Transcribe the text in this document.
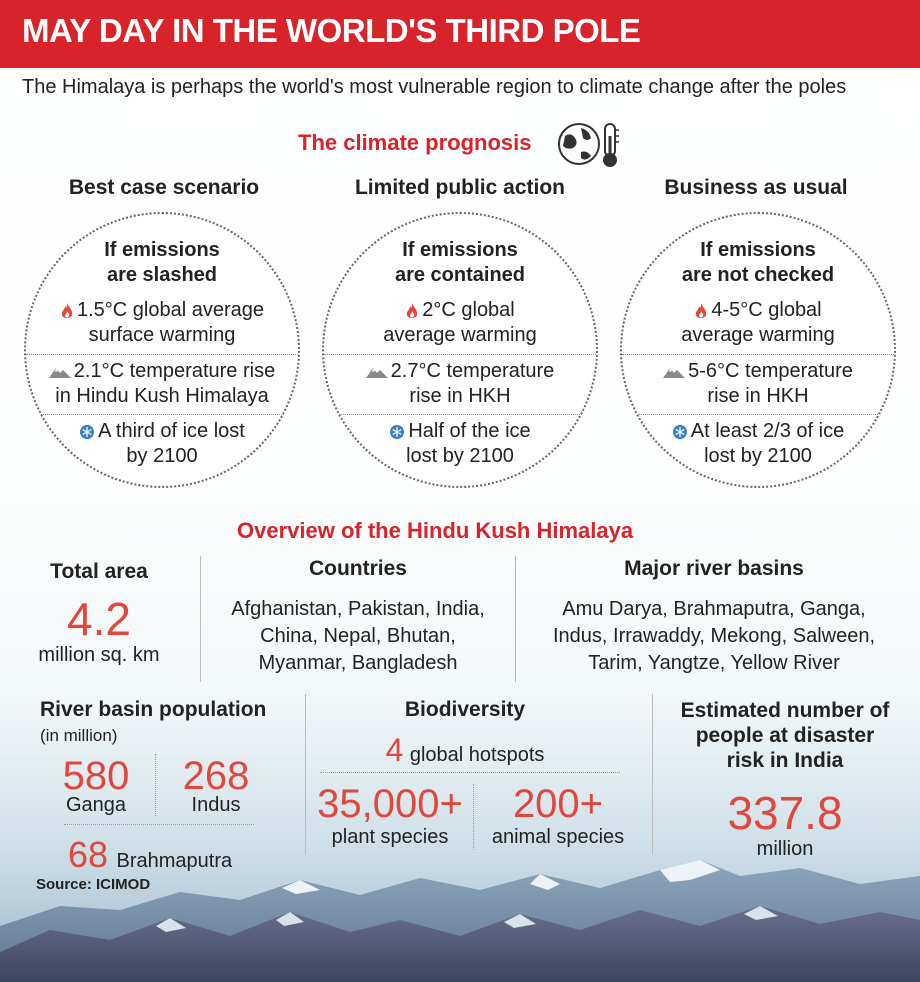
MAY DAY IN THE WORLD'S THIRD POLE
The Himalaya is perhaps the world's most vulnerable region to climate change after the poles
The climate prognosis
Best case scenario	Limited public action	Business as usual
If emissions
are slashed
1.5°C global average
surface warming
2.1°C temperature rise
in Hindu Kush Himalaya
A third of ice lost
by 2100
If emissions
are contained
2°C global
average warming
2.7°C temperature
rise in HKH
Half of the ice
lost by 2100
If emissions
are not checked
4-5°C global
average warming
5-6°C temperature
rise in HKH
At least 2/3 of ice
lost by 2100
Overview of the Hindu Kush Himalaya
Total area
4.2
million sq. km
Countries
Afghanistan, Pakistan, India,
China, Nepal, Bhutan,
Myanmar, Bangladesh
Major river basins
Amu Darya, Brahmaputra, Ganga,
Indus, Irrawaddy, Mekong, Salween,
Tarim, Yangtze, Yellow River
River basin population
(in million)
580
Ganga
268
Indus
68 Brahmaputra
Source: ICIMOD
Biodiversity
4 global hotspots
35,000+
plant species
200+
animal species
Estimated number of
people at disaster
risk in India
337.8
million
